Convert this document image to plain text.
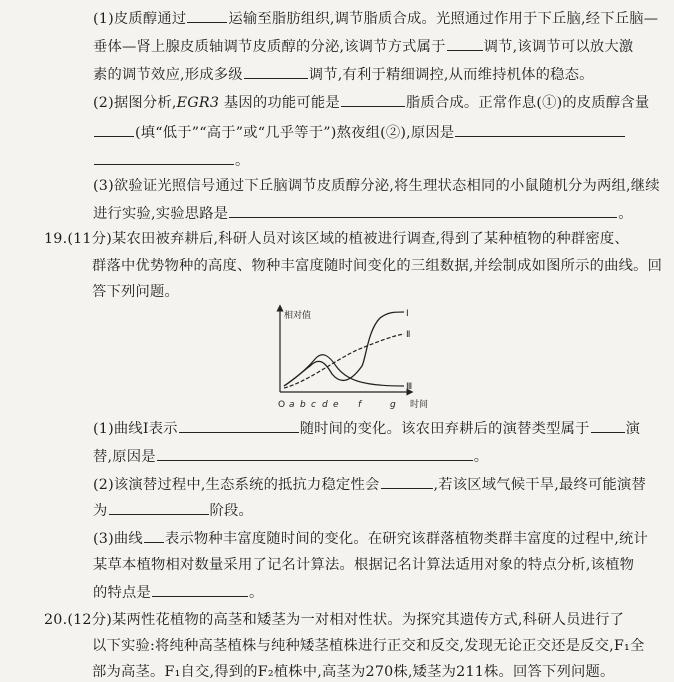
(1)皮质醇通过	运输至脂肪组织,调节脂质合成。光照通过作用于下丘脑,经下丘脑—
垂体—肾上腺皮质轴调节皮质醇的分泌,该调节方式属于	调节,该调节可以放大激
素的调节效应,形成多级	调节,有利于精细调控,从而维持机体的稳态。
(2)据图分析,EGR3 基因的功能可能是	脂质合成。正常作息(①)的皮质醇含量
(填“低于”“高于”或“几乎等于”)熬夜组(②),原因是
。
(3)欲验证光照信号通过下丘脑调节皮质醇分泌,将生理状态相同的小鼠随机分为两组,继续
进行实验,实验思路是	。
19.(11分)某农田被弃耕后,科研人员对该区域的植被进行调查,得到了某种植物的种群密度、
群落中优势物种的高度、物种丰富度随时间变化的三组数据,并绘制成如图所示的曲线。回
答下列问题。
相对值
时间
Ⅰ
Ⅱ
Ⅲ
O a b c d e f	g
(1)曲线Ⅰ表示	随时间的变化。该农田弃耕后的演替类型属于	演
替,原因是	。
(2)该演替过程中,生态系统的抵抗力稳定性会	,若该区域气候干旱,最终可能演替
为	阶段。
(3)曲线 表示物种丰富度随时间的变化。在研究该群落植物类群丰富度的过程中,统计
某草本植物相对数量采用了记名计算法。根据记名计算法适用对象的特点分析,该植物
的特点是	。
20.(12分)某两性花植物的高茎和矮茎为一对相对性状。为探究其遗传方式,科研人员进行了
以下实验:将纯种高茎植株与纯种矮茎植株进行正交和反交,发现无论正交还是反交,F₁全
部为高茎。F₁自交,得到的F₂植株中,高茎为270株,矮茎为211株。回答下列问题。
